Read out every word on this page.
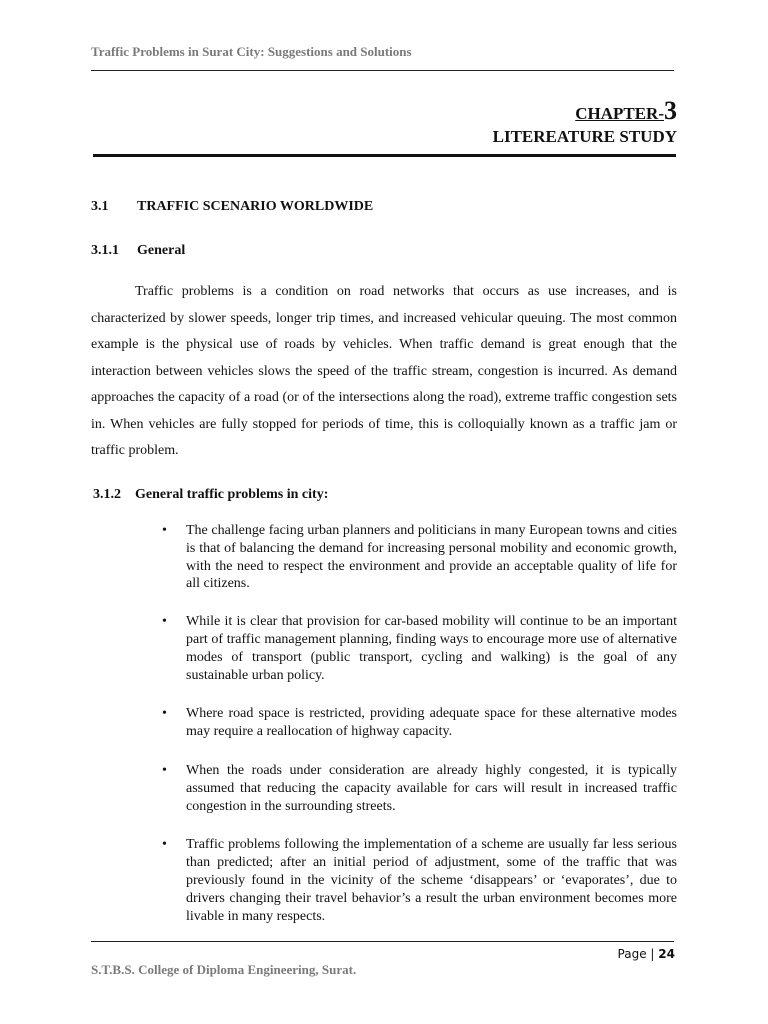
Traffic Problems in Surat City: Suggestions and Solutions
CHAPTER-3
LITEREATURE STUDY
3.1 TRAFFIC SCENARIO WORLDWIDE
3.1.1 General

Traffic problems is a condition on road networks that occurs as use increases, and is characterized by slower speeds, longer trip times, and increased vehicular queuing. The most common example is the physical use of roads by vehicles. When traffic demand is great enough that the interaction between vehicles slows the speed of the traffic stream, congestion is incurred. As demand approaches the capacity of a road (or of the intersections along the road), extreme traffic congestion sets in. When vehicles are fully stopped for periods of time, this is colloquially known as a traffic jam or traffic problem.

3.1.2 General traffic problems in city:
• The challenge facing urban planners and politicians in many European towns and cities is that of balancing the demand for increasing personal mobility and economic growth, with the need to respect the environment and provide an acceptable quality of life for all citizens.
• While it is clear that provision for car-based mobility will continue to be an important part of traffic management planning, finding ways to encourage more use of alternative modes of transport (public transport, cycling and walking) is the goal of any sustainable urban policy.
• Where road space is restricted, providing adequate space for these alternative modes may require a reallocation of highway capacity.
• When the roads under consideration are already highly congested, it is typically assumed that reducing the capacity available for cars will result in increased traffic congestion in the surrounding streets.
• Traffic problems following the implementation of a scheme are usually far less serious than predicted; after an initial period of adjustment, some of the traffic that was previously found in the vicinity of the scheme ‘disappears’ or ‘evaporates’, due to drivers changing their travel behavior’s a result the urban environment becomes more livable in many respects.
Page | 24
S.T.B.S. College of Diploma Engineering, Surat.
